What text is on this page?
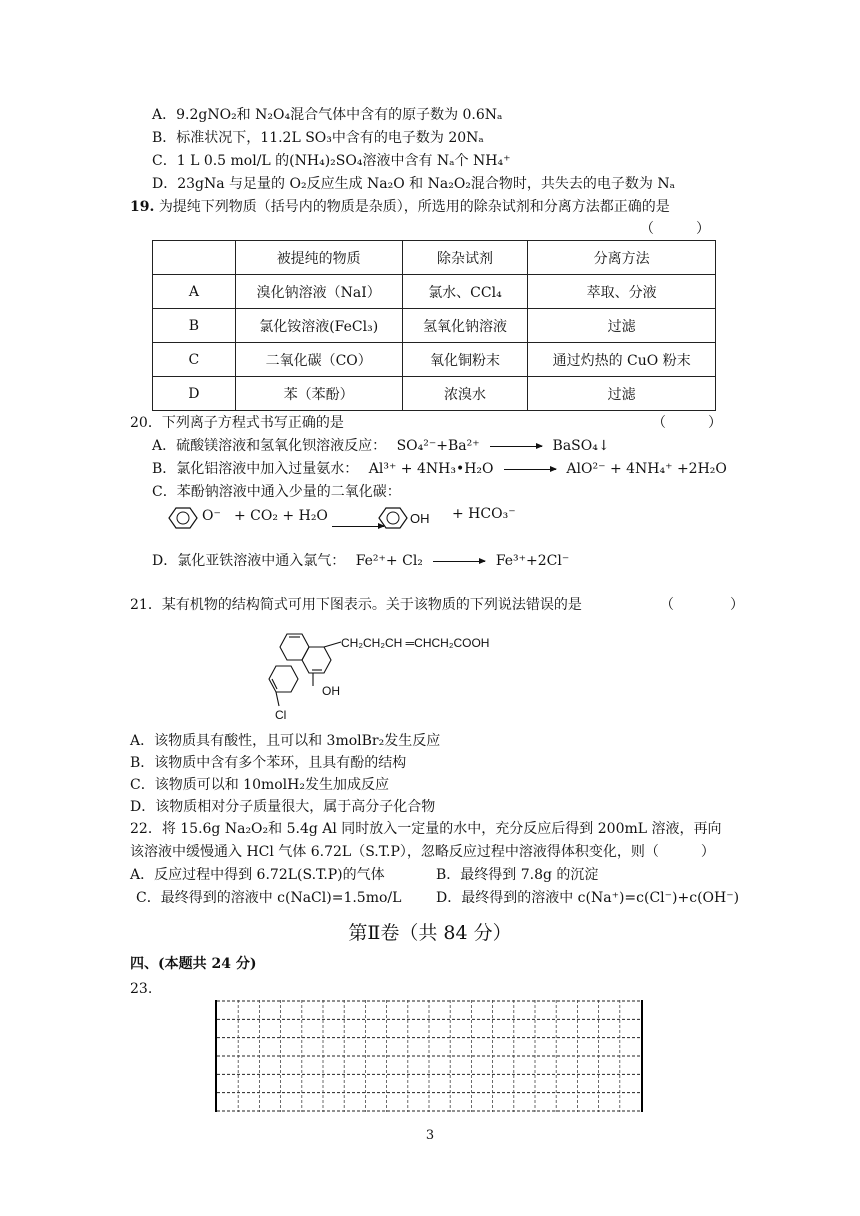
A．9.2gNO₂和 N₂O₄混合气体中含有的原子数为 0.6Nₐ
B．标准状况下，11.2L SO₃中含有的电子数为 20Nₐ
C．1 L 0.5 mol/L 的(NH₄)₂SO₄溶液中含有 Nₐ个 NH₄⁺
D．23gNa 与足量的 O₂反应生成 Na₂O 和 Na₂O₂混合物时，共失去的电子数为 Nₐ
19. 为提纯下列物质（括号内的物质是杂质），所选用的除杂试剂和分离方法都正确的是
（　　　）
	被提纯的物质	除杂试剂	分离方法
A	溴化钠溶液（NaI）	氯水、CCl₄	萃取、分液
B	氯化铵溶液(FeCl₃)	氢氧化钠溶液	过滤
C	二氧化碳（CO）	氧化铜粉末	通过灼热的 CuO 粉末
D	苯（苯酚）	浓溴水	过滤
20．下列离子方程式书写正确的是	（　　　）
A．硫酸镁溶液和氢氧化钡溶液反应： SO₄²⁻+Ba²⁺ → BaSO₄↓
B．氯化铝溶液中加入过量氨水： Al³⁺ + 4NH₃•H₂O → AlO²⁻ + 4NH₄⁺ +2H₂O
C．苯酚钠溶液中通入少量的二氧化碳：
O⁻ + CO₂ + H₂O	OH + HCO₃⁻
D．氯化亚铁溶液中通入氯气： Fe²⁺+ Cl₂ → Fe³⁺+2Cl⁻
21．某有机物的结构简式可用下图表示。关于该物质的下列说法错误的是	（　　　　）
CH₂CH₂CH ═CHCH₂COOH
OH
Cl
A．该物质具有酸性，且可以和 3molBr₂发生反应
B．该物质中含有多个苯环，且具有酚的结构
C．该物质可以和 10molH₂发生加成反应
D．该物质相对分子质量很大，属于高分子化合物
22．将 15.6g Na₂O₂和 5.4g Al 同时放入一定量的水中，充分反应后得到 200mL 溶液，再向
该溶液中缓慢通入 HCl 气体 6.72L（S.T.P），忽略反应过程中溶液得体积变化，则（　　　）
A．反应过程中得到 6.72L(S.T.P)的气体	B．最终得到 7.8g 的沉淀
C．最终得到的溶液中 c(NaCl)=1.5mo/L D．最终得到的溶液中 c(Na⁺)=c(Cl⁻)+c(OH⁻)
第Ⅱ卷（共 84 分）
四、(本题共 24 分)
23.
3
